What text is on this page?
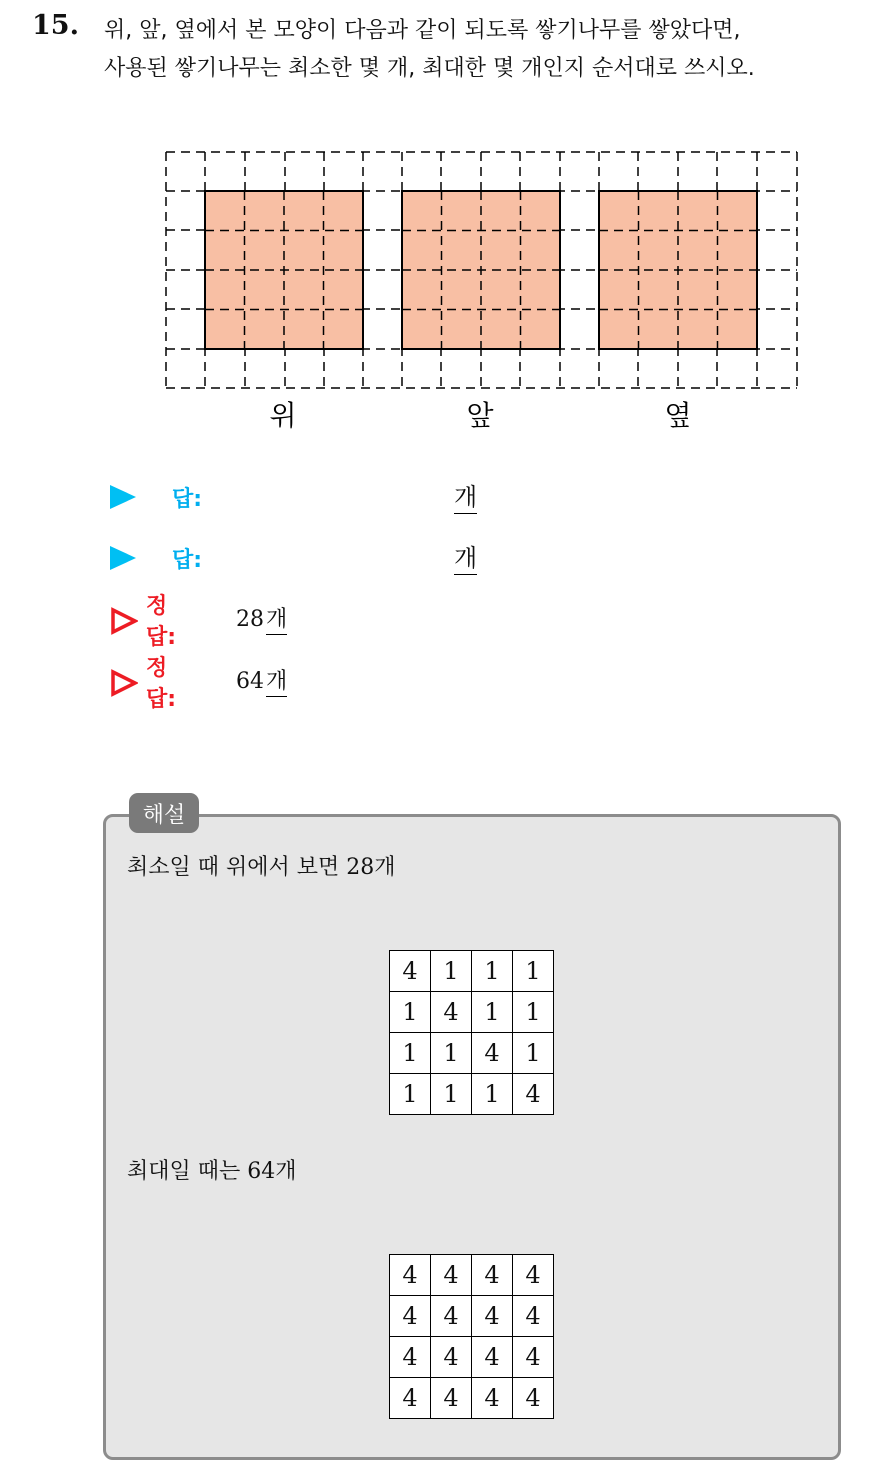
15. 위, 앞, 옆에서 본 모양이 다음과 같이 되도록 쌓기나무를 쌓았다면,
사용된 쌓기나무는 최소한 몇 개, 최대한 몇 개인지 순서대로 쓰시오.
위	앞	옆
답:	개
답:	개
정답:
28개
정답:
64개
해설
최소일 때 위에서 보면 28개
4	1	1	1
1	4	1	1
1	1	4	1
1	1	1	4
최대일 때는 64개
4	4	4	4
4	4	4	4
4	4	4	4
4	4	4	4
